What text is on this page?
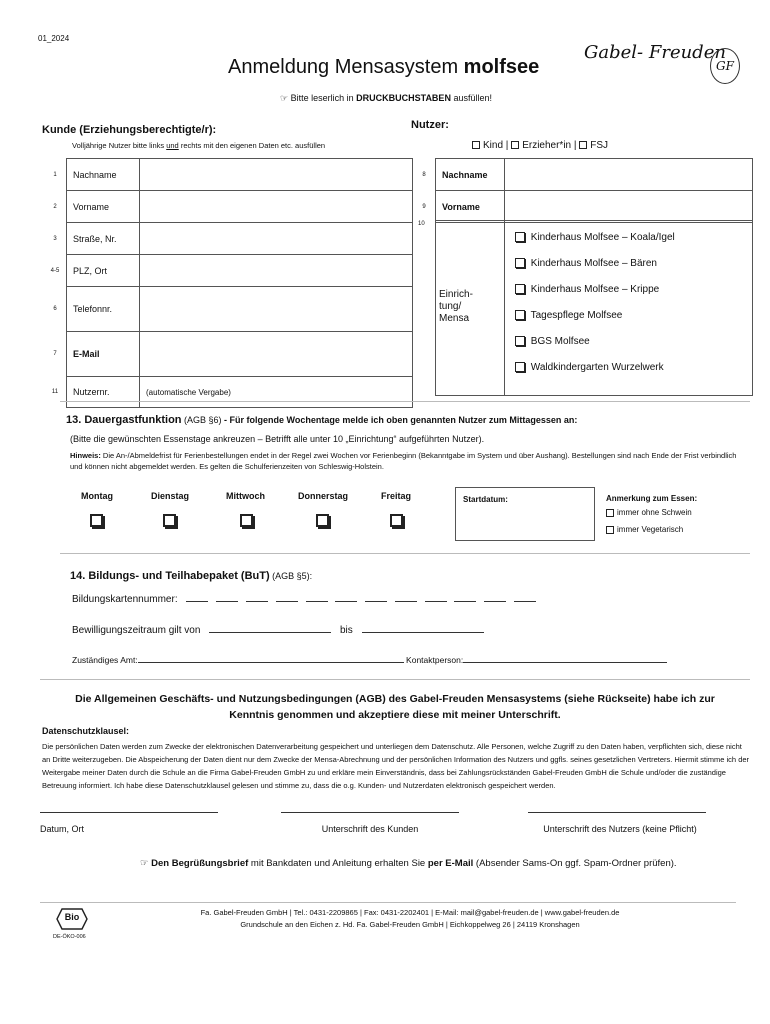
01_2024
Anmeldung Mensasystem molfsee
☞ Bitte leserlich in DRUCKBUCHSTABEN ausfüllen!
Gabel- Freuden
GF
Kunde (Erziehungsberechtigte/r):
Volljährige Nutzer bitte links und rechts mit den eigenen Daten etc. ausfüllen
1	Nachname	
2	Vorname	
3	Straße, Nr.	
4-5	PLZ, Ort	
6	Telefonnr.	
7	E-Mail	
11	Nutzernr.	(automatische Vergabe)
Nutzer:
Kind | Erzieher*in | FSJ
8	Nachname	
9	Vorname	
10
Einrich-
tung/
Mensa
Kinderhaus Molfsee – Koala/Igel
Kinderhaus Molfsee – Bären
Kinderhaus Molfsee – Krippe
Tagespflege Molfsee
BGS Molfsee
Waldkindergarten Wurzelwerk
13. Dauergastfunktion (AGB §6) - Für folgende Wochentage melde ich oben genannten Nutzer zum Mittagessen an:
(Bitte die gewünschten Essenstage ankreuzen – Betrifft alle unter 10 „Einrichtung“ aufgeführten Nutzer).
Hinweis: Die An-/Abmeldefrist für Ferienbestellungen endet in der Regel zwei Wochen vor Ferienbeginn (Bekanntgabe im System und über Aushang). Bestellungen sind nach Ende der Frist verbindlich und können nicht abgemeldet werden. Es gelten die Schulferienzeiten von Schleswig-Holstein.
Montag	Dienstag	Mittwoch	Donnerstag	Freitag	Startdatum:	Anmerkung zum Essen:
immer ohne Schwein
immer Vegetarisch
14. Bildungs- und Teilhabepaket (BuT) (AGB §5):
Bildungskartennummer:
Bewilligungszeitraum gilt von	bis
Zuständiges Amt:	Kontaktperson:
Die Allgemeinen Geschäfts- und Nutzungsbedingungen (AGB) des Gabel-Freuden Mensasystems (siehe Rückseite) habe ich zur
Kenntnis genommen und akzeptiere diese mit meiner Unterschrift.
Datenschutzklausel:
Die persönlichen Daten werden zum Zwecke der elektronischen Datenverarbeitung gespeichert und unterliegen dem Datenschutz. Alle Personen, welche Zugriff zu den Daten haben, verpflichten sich, diese nicht an Dritte weiterzugeben. Die Abspeicherung der Daten dient nur dem Zwecke der Mensa-Abrechnung und der persönlichen Information des Nutzers und ggfls. seines gesetzlichen Vertreters. Hiermit stimme ich der Weitergabe meiner Daten durch die Schule an die Firma Gabel-Freuden GmbH zu und erkläre mein Einverständnis, dass bei Zahlungsrückständen Gabel-Freuden GmbH die Schule und/oder die zuständige Betreuung informiert. Ich habe diese Datenschutzklausel gelesen und stimme zu, dass die o.g. Kunden- und Nutzerdaten elektronisch gespeichert werden.
Datum, Ort	Unterschrift des Kunden	Unterschrift des Nutzers (keine Pflicht)
☞ Den Begrüßungsbrief mit Bankdaten und Anleitung erhalten Sie per E-Mail (Absender Sams-On ggf. Spam-Ordner prüfen).
Bio
DE-ÖKO-006
Fa. Gabel-Freuden GmbH | Tel.: 0431-2209865 | Fax: 0431-2202401 | E-Mail: mail@gabel-freuden.de | www.gabel-freuden.de
Grundschule an den Eichen z. Hd. Fa. Gabel-Freuden GmbH | Eichkoppelweg 26 | 24119 Kronshagen
